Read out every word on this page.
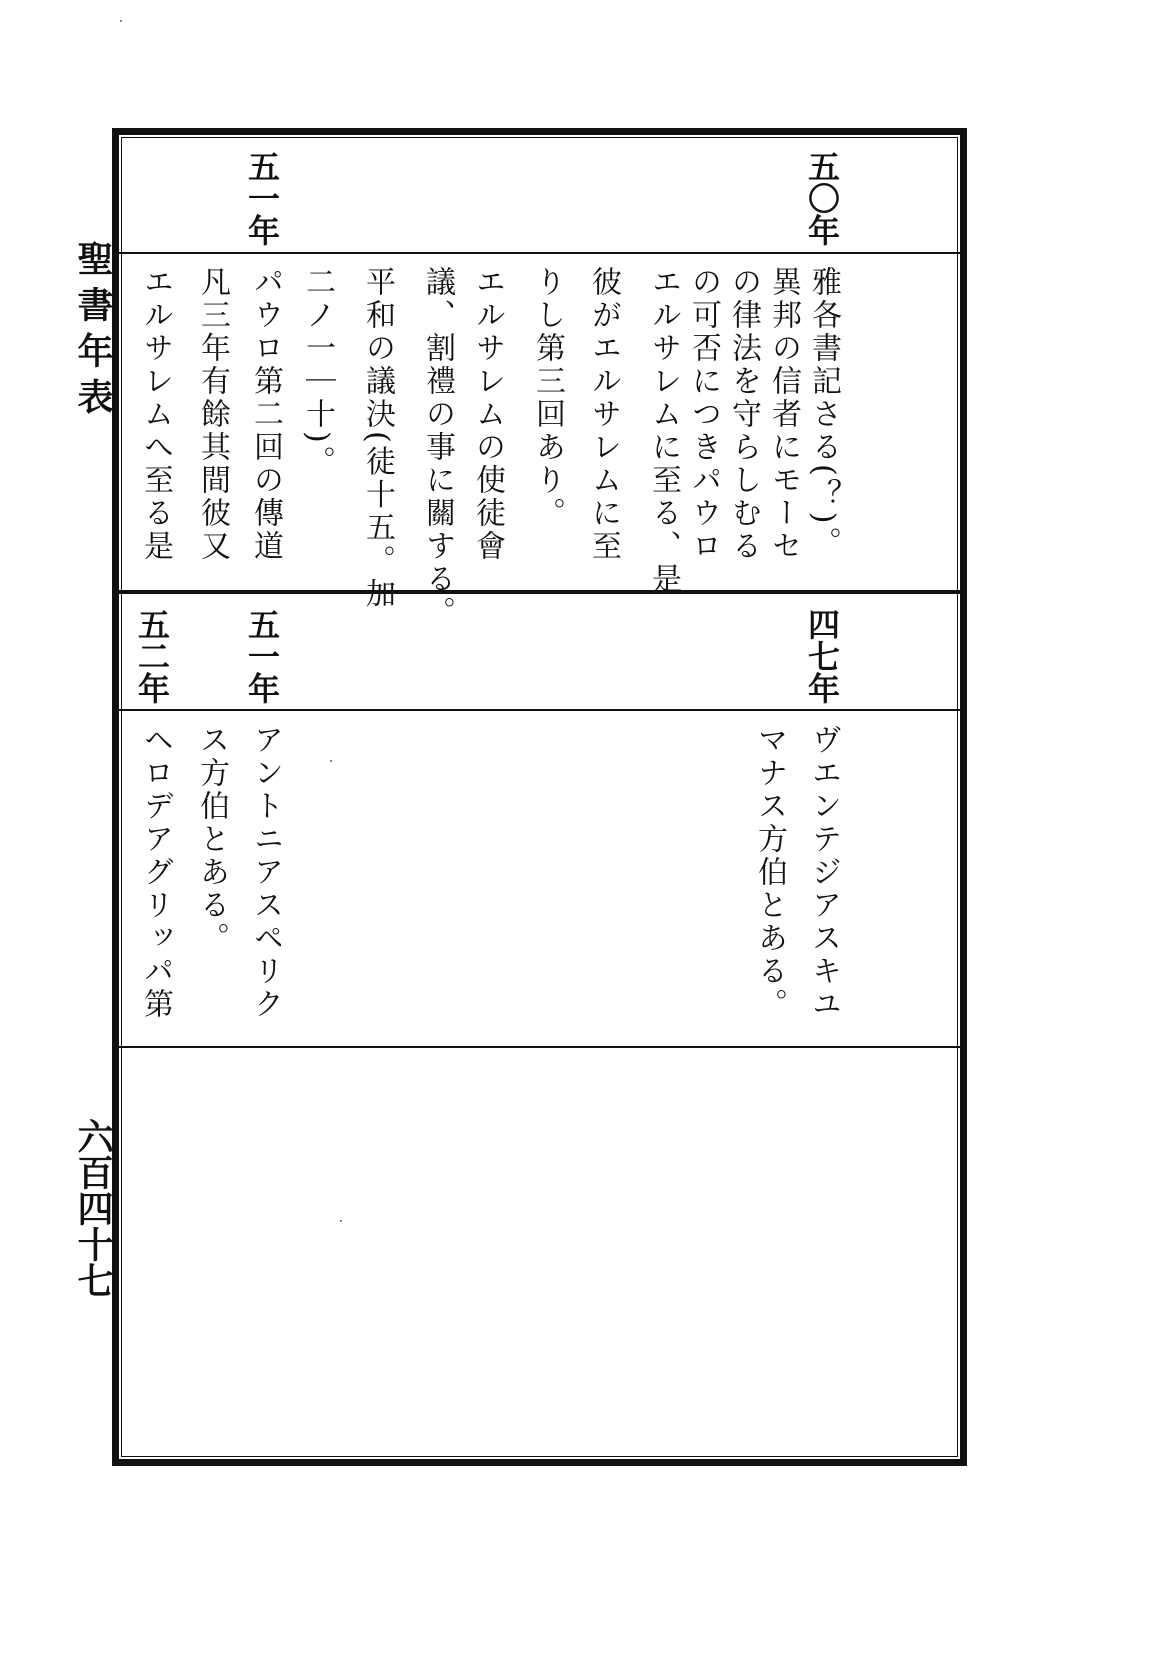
聖書年表
六百四十七
五〇年
五一年
雅各書記さる(？)。
異邦の信者にモーセ
の律法を守らしむる
の可否につきパウロ
エルサレムに至る、是
彼がエルサレムに至
りし第三回あり。
エルサレムの使徒會
議、割禮の事に關する。
平和の議決(徒十五。加
二ノ一｜十)。
パウロ第二回の傳道
凡三年有餘其間彼又
エルサレムへ至る是
四七年
五一年
五二年
ヴエンテジアスキユ
マナス方伯とある。
アントニアスペリク
ス方伯とある。
ヘロデアグリッパ第
